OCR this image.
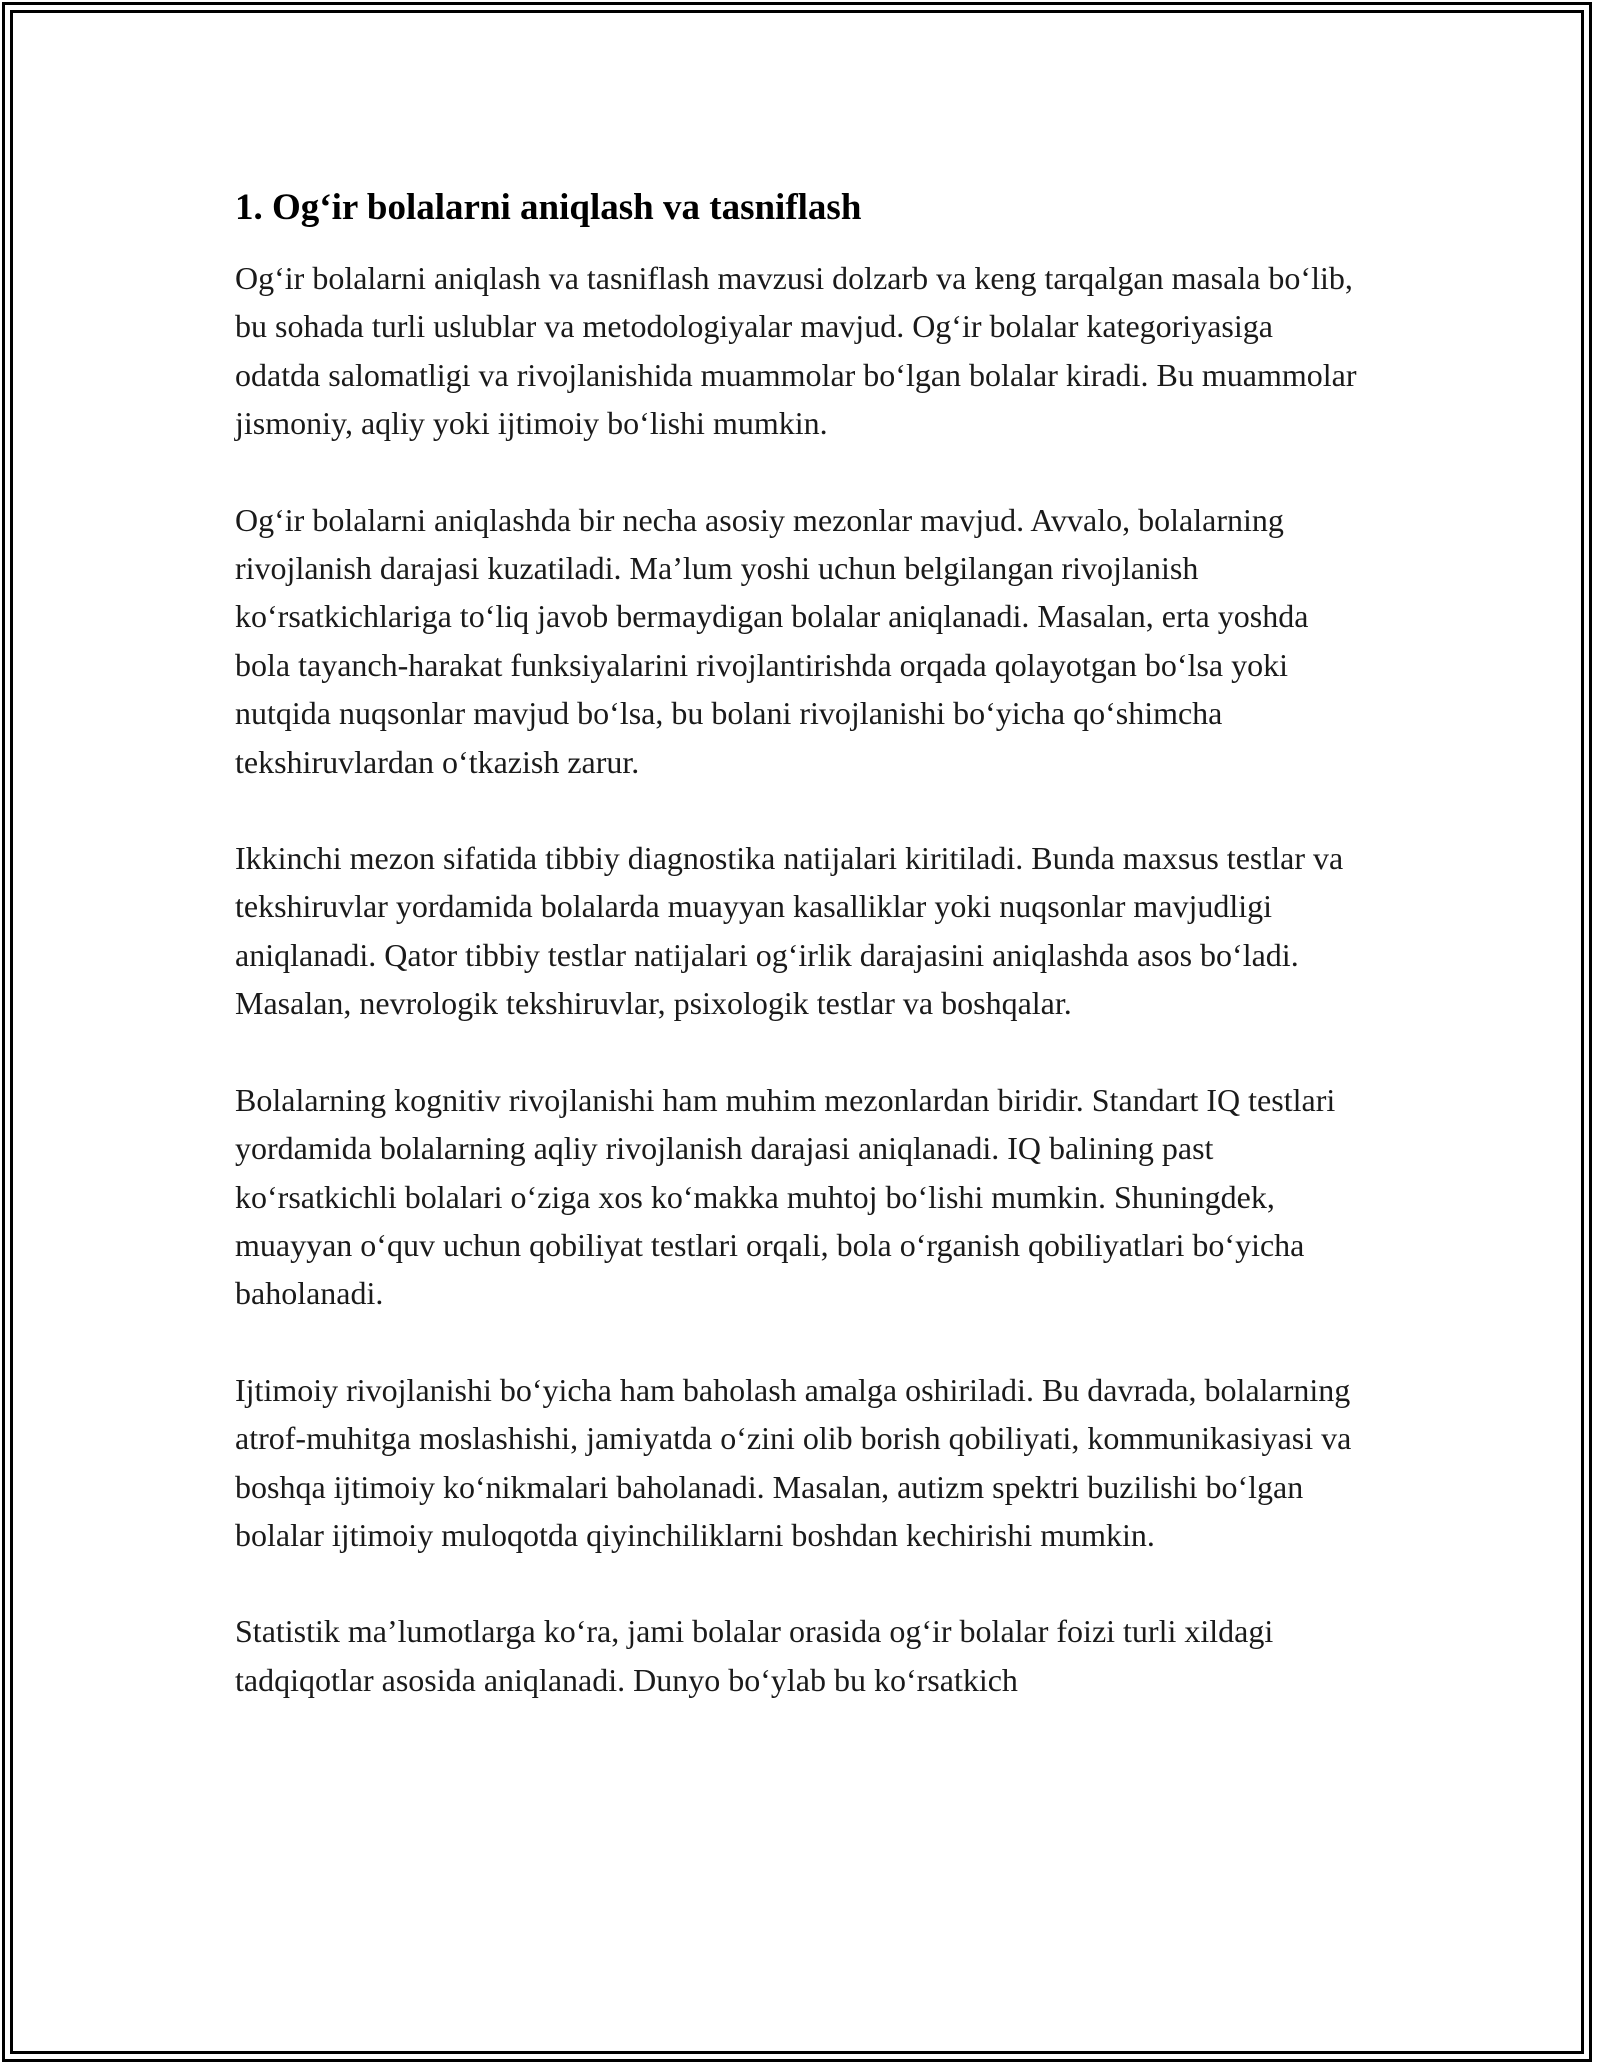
1. Og‘ir bolalarni aniqlash va tasniflash

Og‘ir bolalarni aniqlash va tasniflash mavzusi dolzarb va keng tarqalgan masala bo‘lib, bu sohada turli uslublar va metodologiyalar mavjud. Og‘ir bolalar kategoriyasiga odatda salomatligi va rivojlanishida muammolar bo‘lgan bolalar kiradi. Bu muammolar jismoniy, aqliy yoki ijtimoiy bo‘lishi mumkin.

Og‘ir bolalarni aniqlashda bir necha asosiy mezonlar mavjud. Avvalo, bolalarning rivojlanish darajasi kuzatiladi. Ma’lum yoshi uchun belgilangan rivojlanish ko‘rsatkichlariga to‘liq javob bermaydigan bolalar aniqlanadi. Masalan, erta yoshda bola tayanch-harakat funksiyalarini rivojlantirishda orqada qolayotgan bo‘lsa yoki nutqida nuqsonlar mavjud bo‘lsa, bu bolani rivojlanishi bo‘yicha qo‘shimcha tekshiruvlardan o‘tkazish zarur.

Ikkinchi mezon sifatida tibbiy diagnostika natijalari kiritiladi. Bunda maxsus testlar va tekshiruvlar yordamida bolalarda muayyan kasalliklar yoki nuqsonlar mavjudligi aniqlanadi. Qator tibbiy testlar natijalari og‘irlik darajasini aniqlashda asos bo‘ladi. Masalan, nevrologik tekshiruvlar, psixologik testlar va boshqalar.

Bolalarning kognitiv rivojlanishi ham muhim mezonlardan biridir. Standart IQ testlari yordamida bolalarning aqliy rivojlanish darajasi aniqlanadi. IQ balining past ko‘rsatkichli bolalari o‘ziga xos ko‘makka muhtoj bo‘lishi mumkin. Shuningdek, muayyan o‘quv uchun qobiliyat testlari orqali, bola o‘rganish qobiliyatlari bo‘yicha baholanadi.

Ijtimoiy rivojlanishi bo‘yicha ham baholash amalga oshiriladi. Bu davrada, bolalarning atrof-muhitga moslashishi, jamiyatda o‘zini olib borish qobiliyati, kommunikasiyasi va boshqa ijtimoiy ko‘nikmalari baholanadi. Masalan, autizm spektri buzilishi bo‘lgan bolalar ijtimoiy muloqotda qiyinchiliklarni boshdan kechirishi mumkin.

Statistik ma’lumotlarga ko‘ra, jami bolalar orasida og‘ir bolalar foizi turli xildagi tadqiqotlar asosida aniqlanadi. Dunyo bo‘ylab bu ko‘rsatkich
